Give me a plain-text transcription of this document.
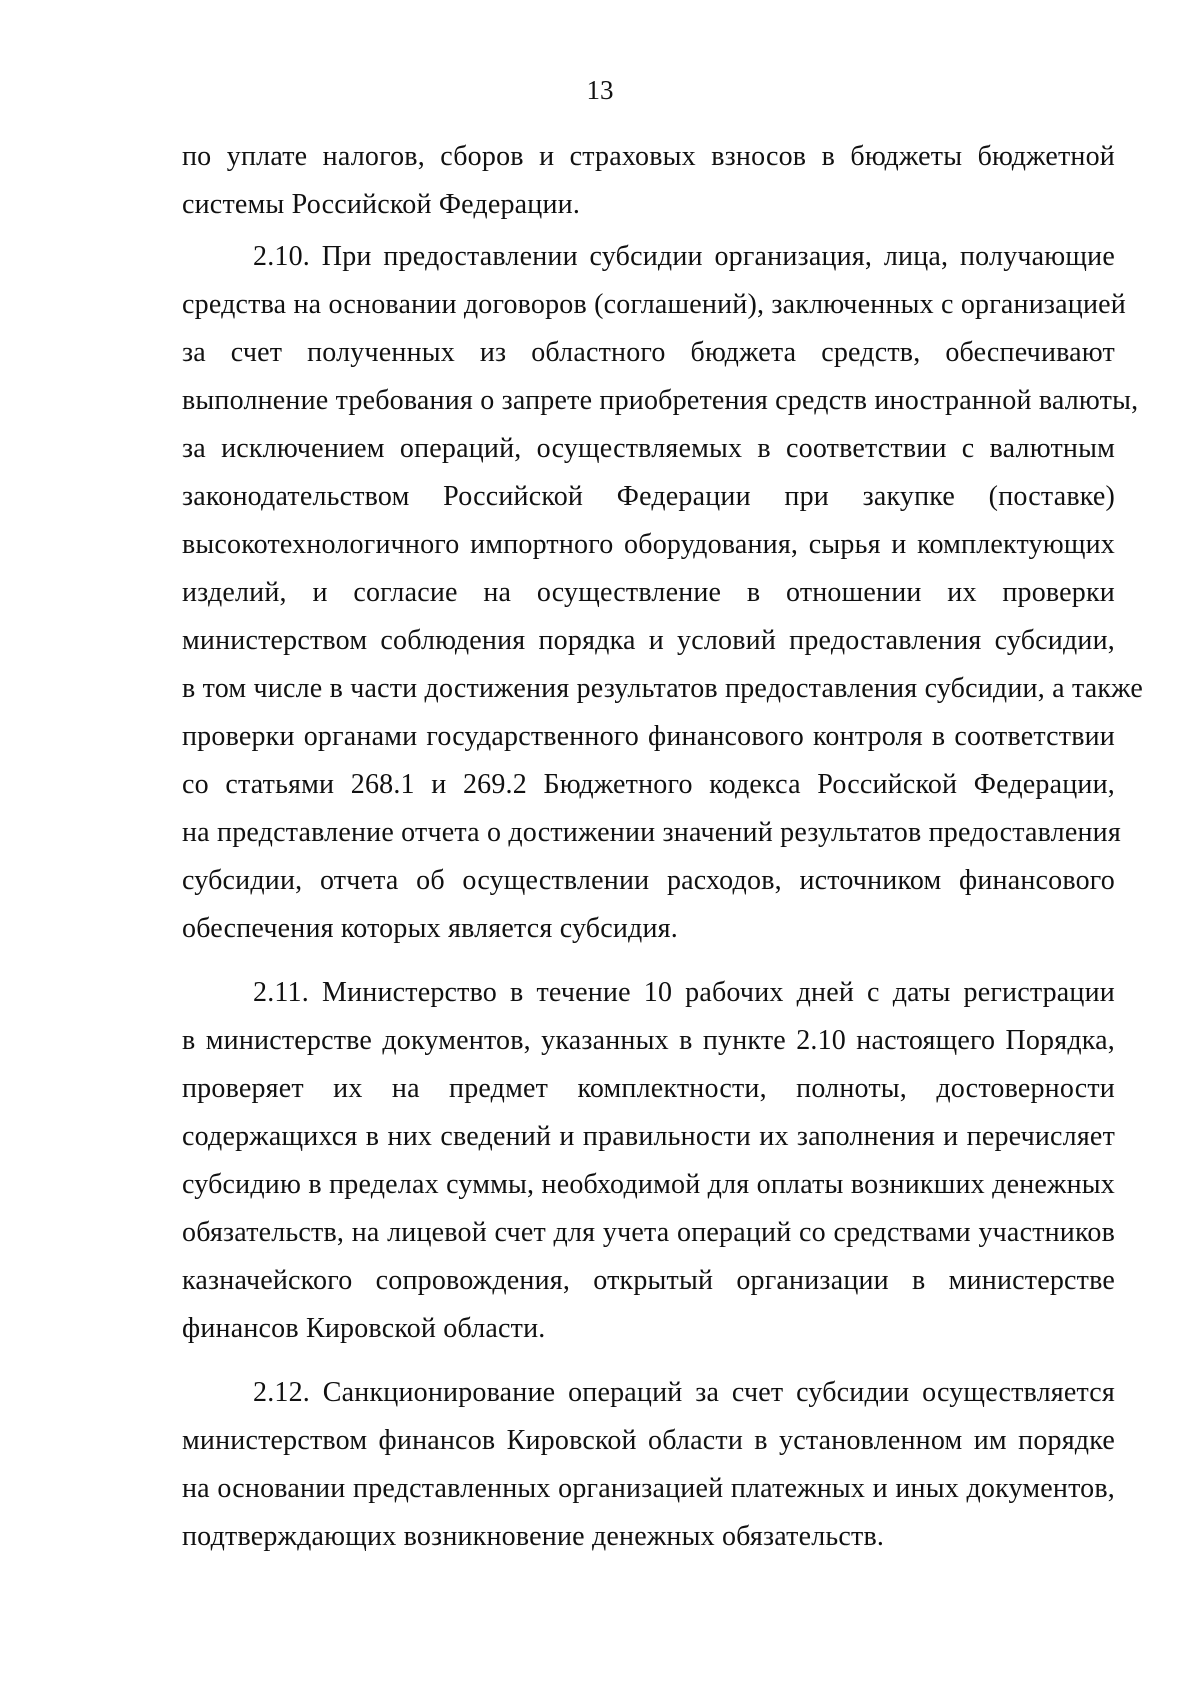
13

по уплате налогов, сборов и страховых взносов в бюджеты бюджетной

системы Российской Федерации.

2.10. При предоставлении субсидии организация, лица, получающие

средства на основании договоров (соглашений), заключенных с организацией

за счет полученных из областного бюджета средств, обеспечивают

выполнение требования о запрете приобретения средств иностранной валюты,

за исключением операций, осуществляемых в соответствии с валютным

законодательством Российской Федерации при закупке (поставке)

высокотехнологичного импортного оборудования, сырья и комплектующих

изделий, и согласие на осуществление в отношении их проверки

министерством соблюдения порядка и условий предоставления субсидии,

в том числе в части достижения результатов предоставления субсидии, а также

проверки органами государственного финансового контроля в соответствии

со статьями 268.1 и 269.2 Бюджетного кодекса Российской Федерации,

на представление отчета о достижении значений результатов предоставления

субсидии, отчета об осуществлении расходов, источником финансового

обеспечения которых является субсидия.

2.11. Министерство в течение 10 рабочих дней с даты регистрации

в министерстве документов, указанных в пункте 2.10 настоящего Порядка,

проверяет их на предмет комплектности, полноты, достоверности

содержащихся в них сведений и правильности их заполнения и перечисляет

субсидию в пределах суммы, необходимой для оплаты возникших денежных

обязательств, на лицевой счет для учета операций со средствами участников

казначейского сопровождения, открытый организации в министерстве

финансов Кировской области.

2.12. Санкционирование операций за счет субсидии осуществляется

министерством финансов Кировской области в установленном им порядке

на основании представленных организацией платежных и иных документов,

подтверждающих возникновение денежных обязательств.
